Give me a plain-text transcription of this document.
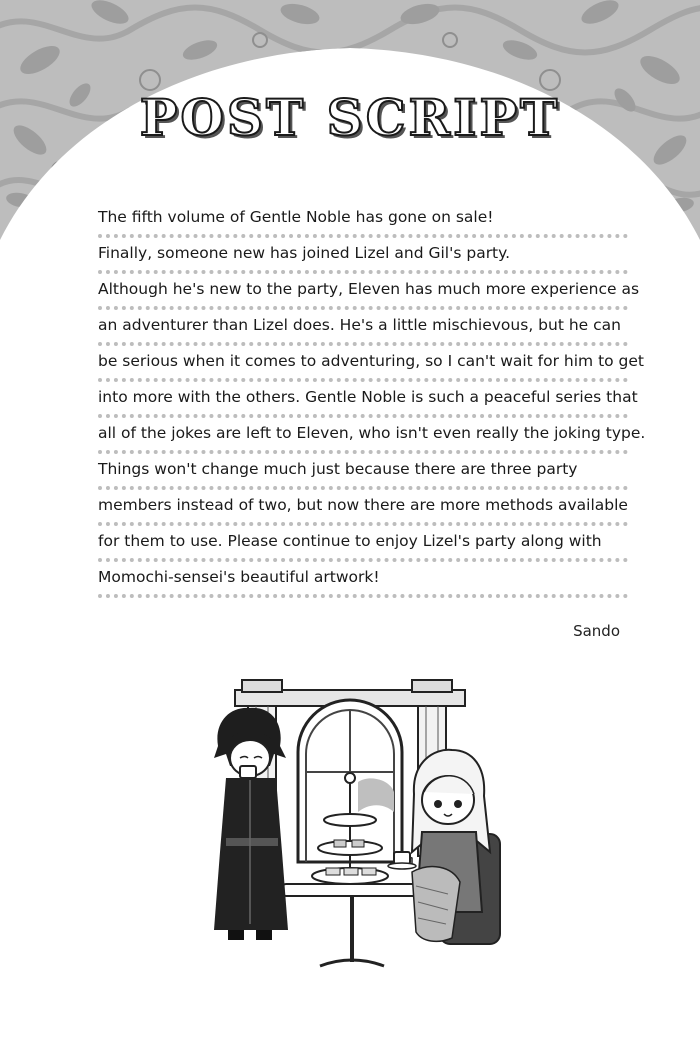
POST SCRIPT
The fifth volume of Gentle Noble has gone on sale!
Finally, someone new has joined Lizel and Gil's party.
Although he's new to the party, Eleven has much more experience as
an adventurer than Lizel does. He's a little mischievous, but he can
be serious when it comes to adventuring, so I can't wait for him to get
into more with the others. Gentle Noble is such a peaceful series that
all of the jokes are left to Eleven, who isn't even really the joking type.
Things won't change much just because there are three party
members instead of two, but now there are more methods available
for them to use. Please continue to enjoy Lizel's party along with
Momochi-sensei's beautiful artwork!
Sando
